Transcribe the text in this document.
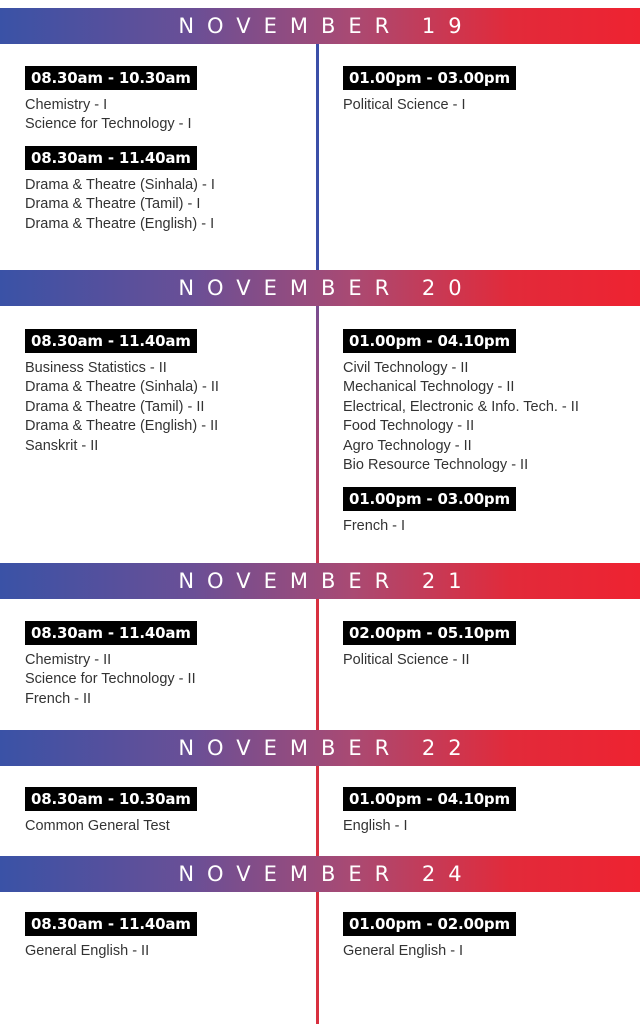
NOVEMBER 19
08.30am - 10.30am
Chemistry - I
Science for Technology - I
08.30am - 11.40am
Drama & Theatre (Sinhala) - I
Drama & Theatre (Tamil) - I
Drama & Theatre (English) - I
01.00pm - 03.00pm
Political Science - I
NOVEMBER 20
08.30am - 11.40am
Business Statistics - II
Drama & Theatre (Sinhala) - II
Drama & Theatre (Tamil) - II
Drama & Theatre (English) - II
Sanskrit - II
01.00pm - 04.10pm
Civil Technology - II
Mechanical Technology - II
Electrical, Electronic & Info. Tech. - II
Food Technology - II
Agro Technology - II
Bio Resource Technology - II
01.00pm - 03.00pm
French - I
NOVEMBER 21
08.30am - 11.40am
Chemistry - II
Science for Technology - II
French - II
02.00pm - 05.10pm
Political Science - II
NOVEMBER 22
08.30am - 10.30am
Common General Test
01.00pm - 04.10pm
English - I
NOVEMBER 24
08.30am - 11.40am
General English - II
01.00pm - 02.00pm
General English - I
